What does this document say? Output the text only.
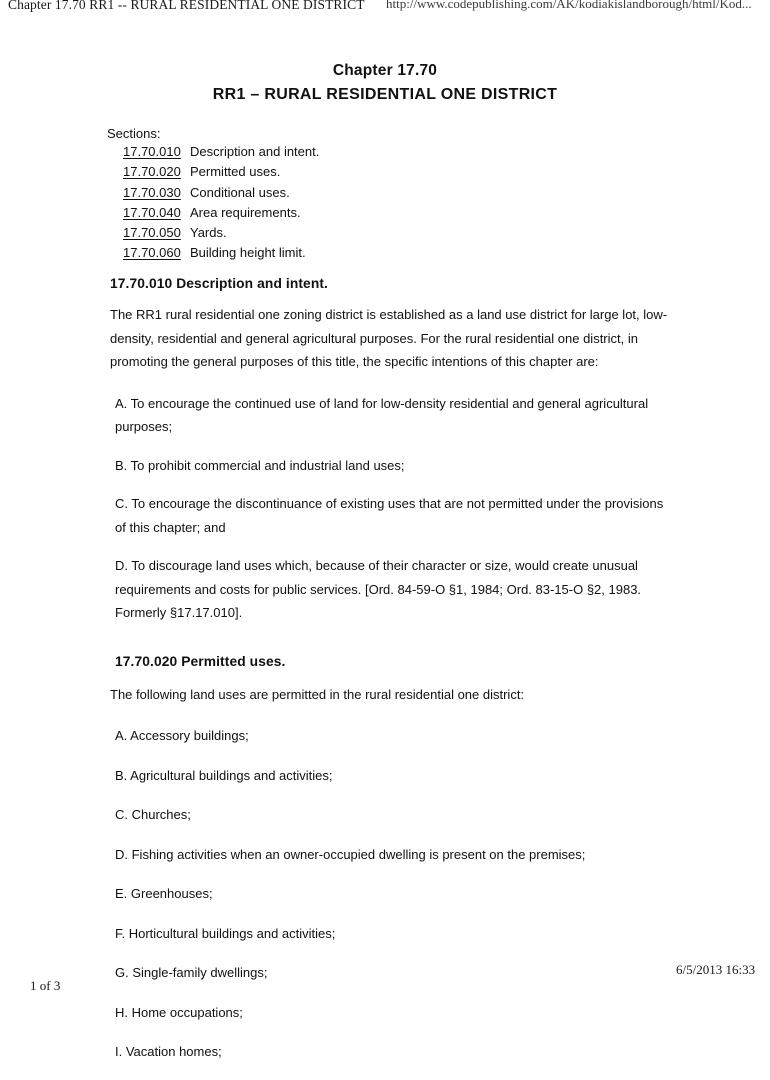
Chapter 17.70 RR1 -- RURAL RESIDENTIAL ONE DISTRICT http://www.codepublishing.com/AK/kodiakislandborough/html/Kod...
Chapter 17.70
RR1 – RURAL RESIDENTIAL ONE DISTRICT
Sections:
17.70.010 Description and intent.
17.70.020 Permitted uses.
17.70.030 Conditional uses.
17.70.040 Area requirements.
17.70.050 Yards.
17.70.060 Building height limit.
17.70.010 Description and intent.

The RR1 rural residential one zoning district is established as a land use district for large lot, low-density, residential and general agricultural purposes. For the rural residential one district, in promoting the general purposes of this title, the specific intentions of this chapter are:

A. To encourage the continued use of land for low-density residential and general agricultural purposes;

B. To prohibit commercial and industrial land uses;

C. To encourage the discontinuance of existing uses that are not permitted under the provisions of this chapter; and

D. To discourage land uses which, because of their character or size, would create unusual requirements and costs for public services. [Ord. 84-59-O §1, 1984; Ord. 83-15-O §2, 1983. Formerly §17.17.010].

17.70.020 Permitted uses.

The following land uses are permitted in the rural residential one district:

A. Accessory buildings;

B. Agricultural buildings and activities;

C. Churches;

D. Fishing activities when an owner-occupied dwelling is present on the premises;

E. Greenhouses;

F. Horticultural buildings and activities;

G. Single-family dwellings;

H. Home occupations;

I. Vacation homes;

1 of 3
6/5/2013 16:33
